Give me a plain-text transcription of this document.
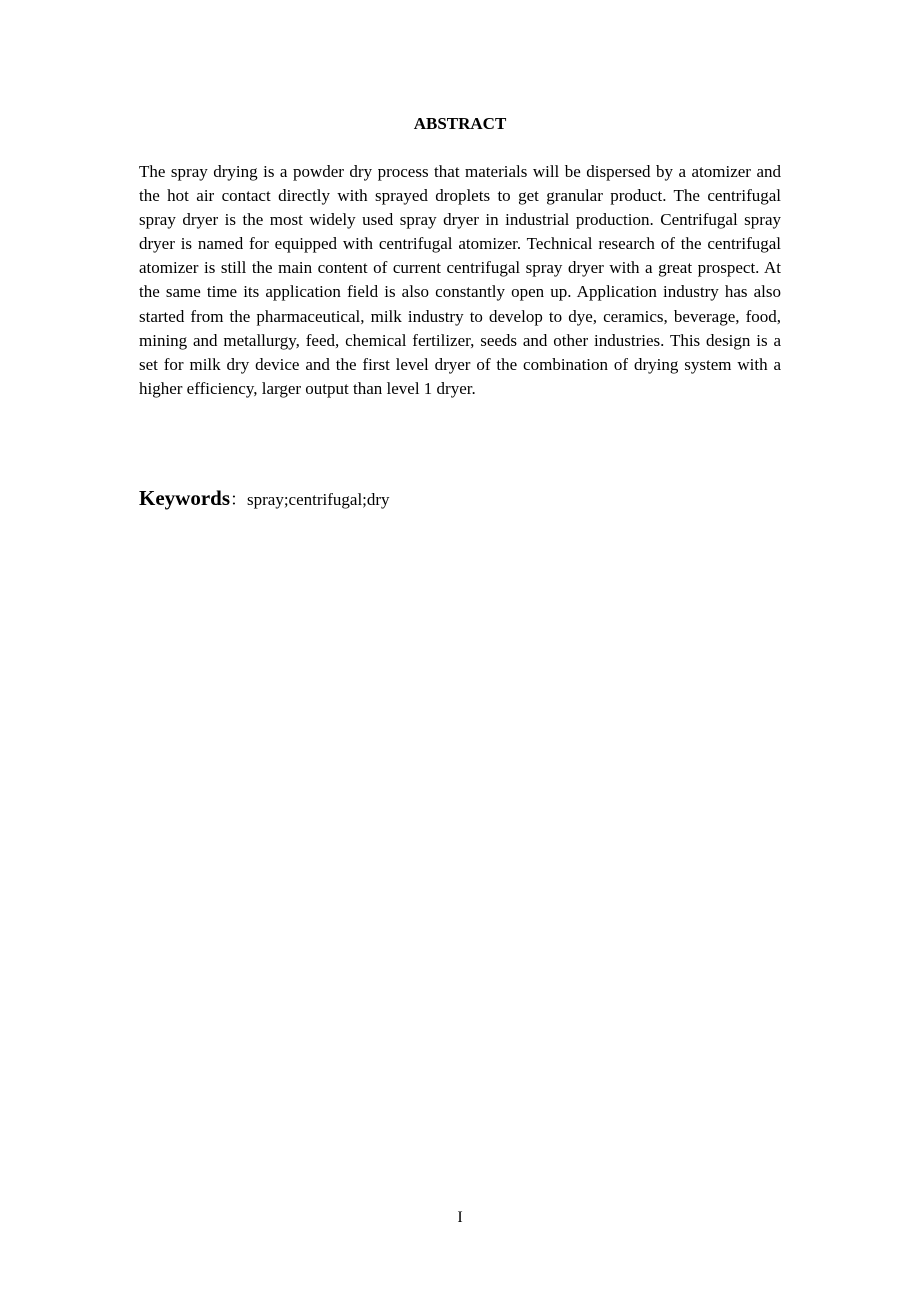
ABSTRACT

The spray drying is a powder dry process that materials will be dispersed by a atomizer and the hot air contact directly with sprayed droplets to get granular product. The centrifugal spray dryer is the most widely used spray dryer in industrial production. Centrifugal spray dryer is named for equipped with centrifugal atomizer. Technical research of the centrifugal atomizer is still the main content of current centrifugal spray dryer with a great prospect. At the same time its application field is also constantly open up. Application industry has also started from the pharmaceutical, milk industry to develop to dye, ceramics, beverage, food, mining and metallurgy, feed, chemical fertilizer, seeds and other industries. This design is a set for milk dry device and the first level dryer of the combination of drying system with a higher efficiency, larger output than level 1 dryer.

Keywords：spray;centrifugal;dry

I
